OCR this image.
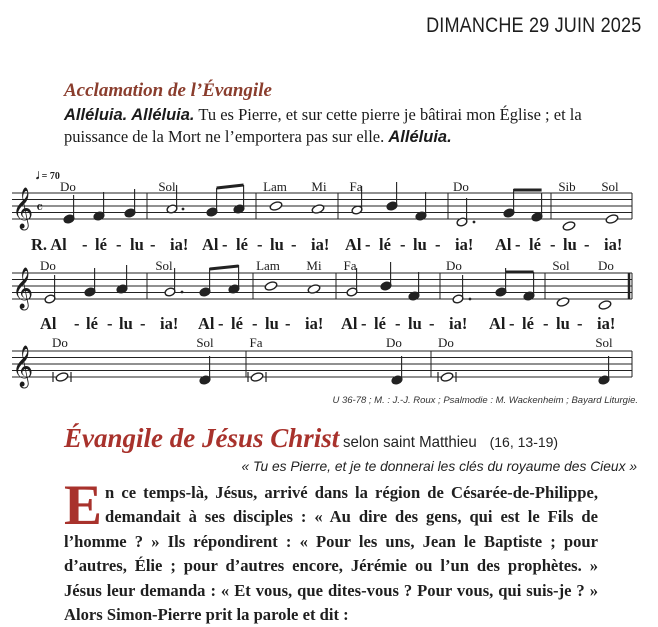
DIMANCHE 29 JUIN 2025
Acclamation de l’Évangile
Alléluia. Alléluia. Tu es Pierre, et sur cette pierre je bâtirai mon Église ; et la puissance de la Mort ne l’emportera pas sur elle. Alléluia.
𝄞
𝄞
𝄞
𝄴
𝅗𝅥 = 70
Do	Sol	Lam Mi Fa	Do	Sib Sol
Do	Sol	Lam Mi Fa	Do	Sol Do
Do	Sol	Fa	Do	Do	Sol
R. Al - lé - lu - ia! Al - lé - lu - ia! Al - lé - lu - ia! Al - lé - lu - ia!
Al - lé - lu - ia! Al - lé - lu - ia! Al - lé - lu - ia! Al - lé - lu - ia!
U 36-78 ; M. : J.-J. Roux ; Psalmodie : M. Wackenheim ; Bayard Liturgie.
Évangile de Jésus Christ selon saint Matthieu (16, 13-19)
« Tu es Pierre, et je te donnerai les clés du royaume des Cieux »
En ce temps-là, Jésus, arrivé dans la région de Césarée-de-Philippe, demandait à ses disciples : « Au dire des gens, qui est le Fils de l’homme ? » Ils répondirent : « Pour les uns, Jean le Baptiste ; pour d’autres, Élie ; pour d’autres encore, Jérémie ou l’un des prophètes. » Jésus leur demanda : « Et vous, que dites-vous ? Pour vous, qui suis-je ? » Alors Simon-Pierre prit la parole et dit :
